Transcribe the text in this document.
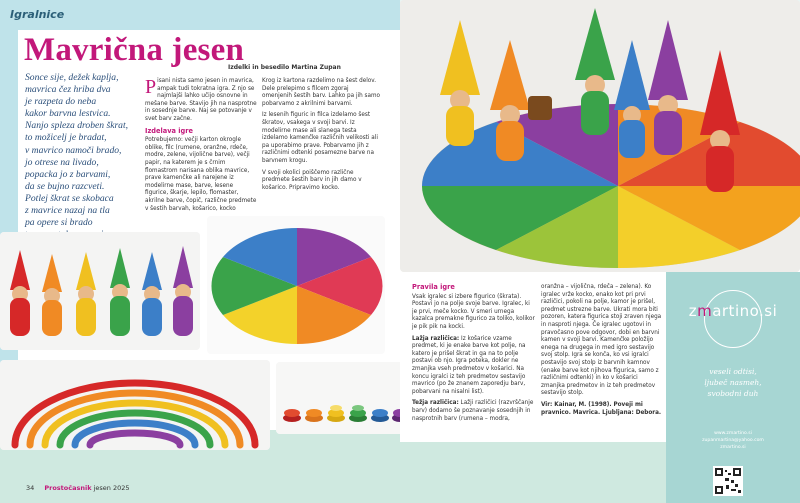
Igralnice
Mavrična jesen
Izdelki in besedilo Martina Zupan
Sonce sije, dežek kaplja,
mavrica čez hriba dva
je razpeta do neba
kakor barvna lestvica.
Nanjo spleza droben škrat,
to možicelj je bradat,
v mavrico namoči brado,
jo otrese na livado,
popacka jo z barvami,
da se bujno razcveti.
Potlej škrat se skobaca
z mavrice nazaj na tla
pa opere si brado

Pisani nista samo jesen in mavrica, ampak tudi tokratna igra. Z njo se najmlajši lahko učijo osnovne in mešane barve. Stavijo jih na nasprotne in sosednje barve. Naj se potovanje v svet barv začne.

Izdelava igre

Potrebujemo: večji karton okrogle oblike, filc (rumene, oranžne, rdeče, modre, zelene, vijolične barve), večji papir, na katerem je s črnim flomastrom narisana oblika mavrice, prave kamenčke ali narejene iz modelirne mase, barve, lesene figurice, škarje, lepilo, flomaster, akrilne barve, čopič, različne predmete v šestih barvah, košarico, kocko

Krog iz kartona razdelimo na šest delov. Dele prelepimo s filcem zgoraj omenjenih šestih barv. Lahko pa jih samo pobarvamo z akrilnimi barvami.

Iz lesenih figuric in filca izdelamo šest škratov, vsakega v svoji barvi. Iz modelirne mase ali slanega testa izdelamo kamenčke različnih velikosti ali pa uporabimo prave. Pobarvamo jih z različnimi odtenki posamezne barve na barvnem krogu.

V svoji okolici poiščemo različne predmete šestih barv in jih damo v košarico. Pripravimo kocko.

Pravila igre

Vsak igralec si izbere figurico (škrata). Postavi jo na polje svoje barve. Igralec, ki je prvi, meče kocko. V smeri urnega kazalca premakne figurico za toliko, kolikor je pik pik na kocki.

Lažja različica: Iz košarice vzame predmet, ki je enake barve kot polje, na katero je prišel škrat in ga na to polje postavi ob njo. Igra poteka, dokler ne zmanjka vseh predmetov v košarici. Na koncu igralci iz teh predmetov sestavijo mavrico (po že znanem zaporedju barv, pobarvani na nisalni list).

Težja različica: Lažji različici (razvrščanje barv) dodamo še poznavanje sosednjih in nasprotnih barv (rumena – modra,

oranžna – vijolična, rdeča – zelena). Ko igralec vrže kocko, enako kot pri prvi različici, pokoli na polje, kamor je prišel, predmet ustrezne barve. Ukrati mora biti pozoren, katera figurica stoji zraven njega in nasproti njega. Če igralec ugotovi in pravočasno pove odgovor, dobi en barvni kamen v svoji barvi. Kamenčke položijo enega na drugega in med igro sestavijo svoj stolp. Igra se konča, ko vsi igralci postavijo svoj stolp iz barvnih kamnov (enake barve kot njihova figurica, samo z različnimi odtenki) in ko v košarici zmanjka predmetov in iz teh predmetov sestavijo stolp.

Vir: Kainar, M. (1998). Poveji mi pravnico. Mavrica. Ljubljana: Debora.

zmartino.si
veseli odtisi,
ljubeč nasmeh,
svobodni duh
www.zmartino.si
zupanmartina@yahoo.com
zmartino.si
34 Prostočasnik jesen 2025
